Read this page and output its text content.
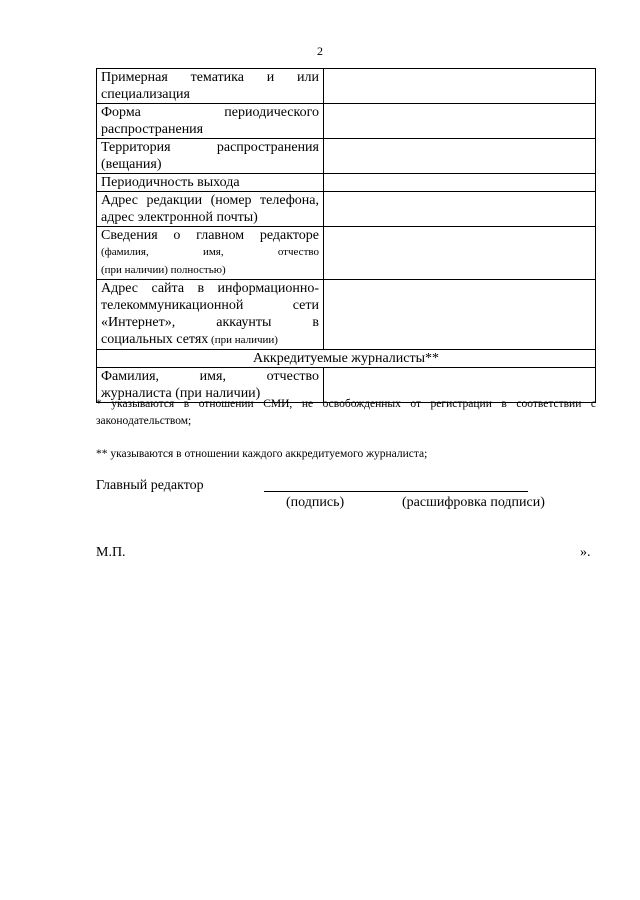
2
Примерная тематика и или
специализация	

Форма периодического
распространения	

Территория распространения
(вещания)	
Периодичность выхода	

Адрес редакции (номер телефона,
адрес электронной почты)	

Сведения о главном редакторе
(фамилия, имя, отчество
(при наличии) полностью)	

Адрес сайта в информационно-
телекоммуникационной сети
«Интернет», аккаунты в
социальных сетях (при наличии)	
Аккредитуемые журналисты**	

Фамилия, имя, отчество
журналиста (при наличии)	

* указываются в отношении СМИ, не освобожденных от регистрации в соответствии с законодательством;

** указываются в отношении каждого аккредитуемого журналиста;

Главный редактор
(подпись)	(расшифровка подписи)
М.П.	».
